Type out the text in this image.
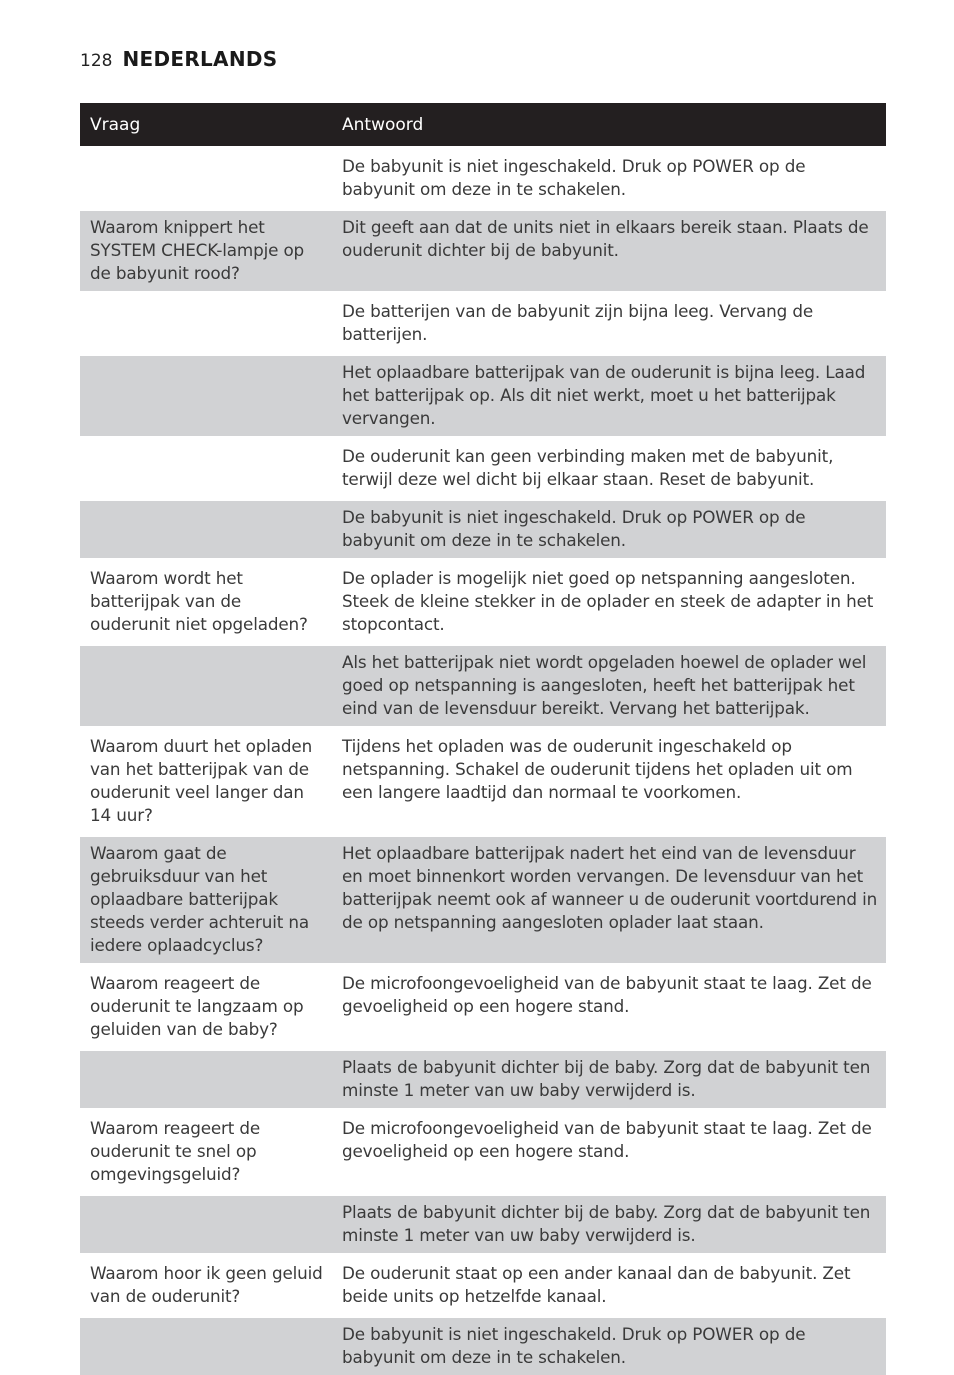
128 NEDERLANDS
Vraag	Antwoord
De babyunit is niet ingeschakeld. Druk op POWER op de babyunit om deze in te schakelen.
Waarom knippert het SYSTEM CHECK-lampje op de babyunit rood?
Dit geeft aan dat de units niet in elkaars bereik staan. Plaats de ouderunit dichter bij de babyunit.
De batterijen van de babyunit zijn bijna leeg. Vervang de batterijen.
Het oplaadbare batterijpak van de ouderunit is bijna leeg. Laad het batterijpak op. Als dit niet werkt, moet u het batterijpak vervangen.
De ouderunit kan geen verbinding maken met de babyunit, terwijl deze wel dicht bij elkaar staan. Reset de babyunit.
De babyunit is niet ingeschakeld. Druk op POWER op de babyunit om deze in te schakelen.
Waarom wordt het batterijpak van de ouderunit niet opgeladen?
De oplader is mogelijk niet goed op netspanning aangesloten. Steek de kleine stekker in de oplader en steek de adapter in het stopcontact.
Als het batterijpak niet wordt opgeladen hoewel de oplader wel goed op netspanning is aangesloten, heeft het batterijpak het eind van de levensduur bereikt. Vervang het batterijpak.
Waarom duurt het opladen van het batterijpak van de ouderunit veel langer dan 14 uur?
Tijdens het opladen was de ouderunit ingeschakeld op netspanning. Schakel de ouderunit tijdens het opladen uit om een langere laadtijd dan normaal te voorkomen.
Waarom gaat de gebruiksduur van het oplaadbare batterijpak steeds verder achteruit na iedere oplaadcyclus?
Het oplaadbare batterijpak nadert het eind van de levensduur en moet binnenkort worden vervangen. De levensduur van het batterijpak neemt ook af wanneer u de ouderunit voortdurend in de op netspanning aangesloten oplader laat staan.
Waarom reageert de ouderunit te langzaam op geluiden van de baby?
De microfoongevoeligheid van de babyunit staat te laag. Zet de gevoeligheid op een hogere stand.
Plaats de babyunit dichter bij de baby. Zorg dat de babyunit ten minste 1 meter van uw baby verwijderd is.
Waarom reageert de ouderunit te snel op omgevingsgeluid?
De microfoongevoeligheid van de babyunit staat te laag. Zet de gevoeligheid op een hogere stand.
Plaats de babyunit dichter bij de baby. Zorg dat de babyunit ten minste 1 meter van uw baby verwijderd is.
Waarom hoor ik geen geluid van de ouderunit?
De ouderunit staat op een ander kanaal dan de babyunit. Zet beide units op hetzelfde kanaal.
De babyunit is niet ingeschakeld. Druk op POWER op de babyunit om deze in te schakelen.
